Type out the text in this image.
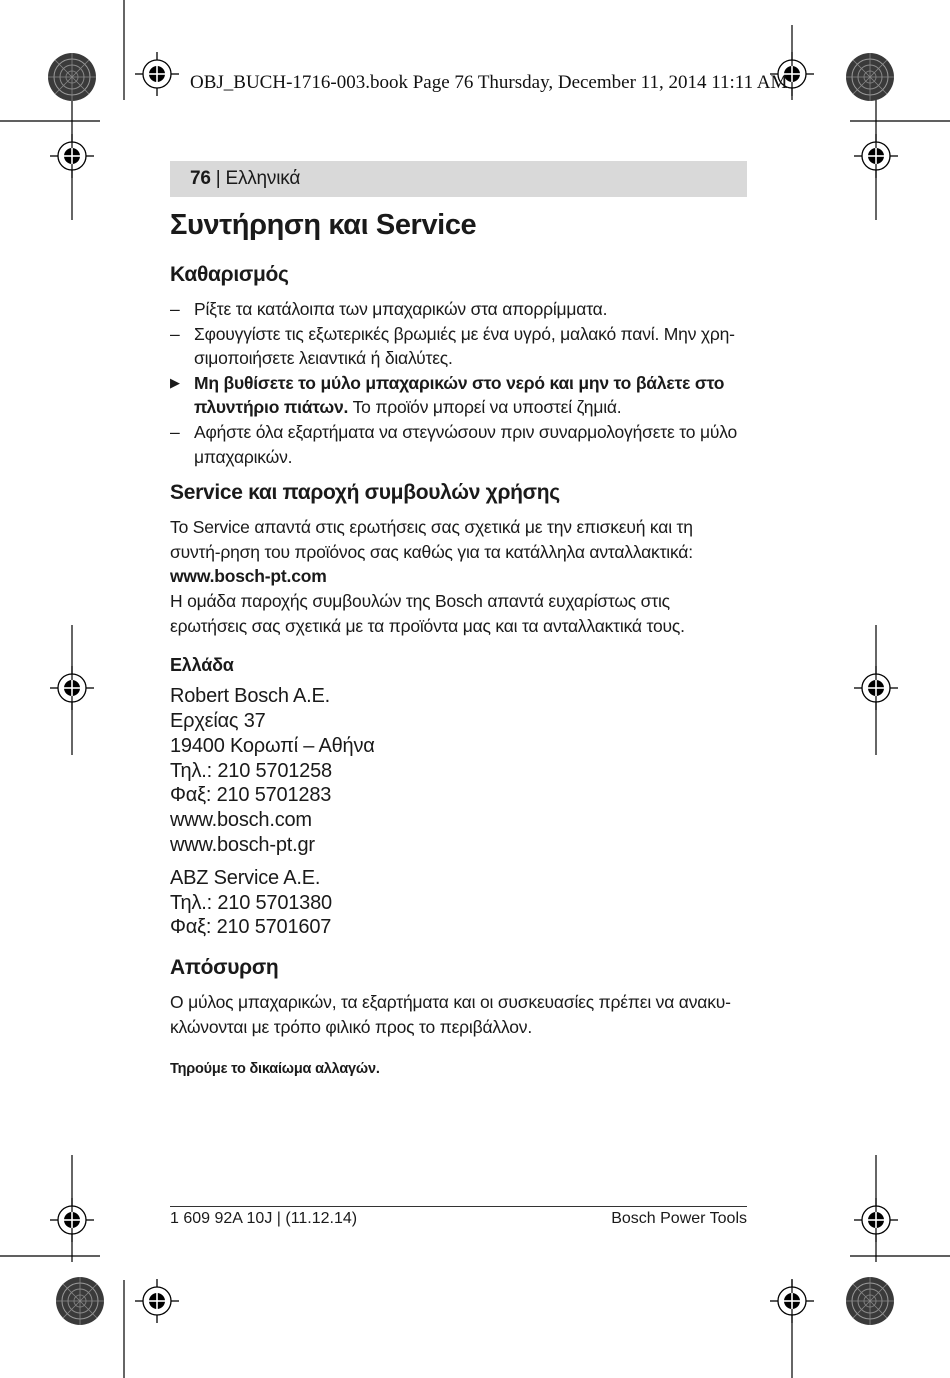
OBJ_BUCH-1716-003.book Page 76 Thursday, December 11, 2014 11:11 AM
76 | Ελληνικά
Συντήρηση και Service
Καθαρισμός
– Ρίξτε τα κατάλοιπα των μπαχαρικών στα απορρίμματα.
– Σφουγγίστε τις εξωτερικές βρωμιές με ένα υγρό, μαλακό πανί. Μην χρη-σιμοποιήσετε λειαντικά ή διαλύτες.
▶ Μη βυθίσετε το μύλο μπαχαρικών στο νερό και μην το βάλετε στο πλυντήριο πιάτων. Το προϊόν μπορεί να υποστεί ζημιά.
– Αφήστε όλα εξαρτήματα να στεγνώσουν πριν συναρμολογήσετε το μύλο μπαχαρικών.
Service και παροχή συμβουλών χρήσης

Το Service απαντά στις ερωτήσεις σας σχετικά με την επισκευή και τη συντή-ρηση του προϊόνος σας καθώς για τα κατάλληλα ανταλλακτικά:

www.bosch-pt.com

Η ομάδα παροχής συμβουλών της Bosch απαντά ευχαρίστως στις ερωτήσεις σας σχετικά με τα προϊόντα μας και τα ανταλλακτικά τους.

Ελλάδα
Robert Bosch A.E.
Ερχείας 37
19400 Κορωπί – Αθήνα
Τηλ.: 210 5701258
Φαξ: 210 5701283
www.bosch.com
www.bosch-pt.gr
ABZ Service A.E.
Τηλ.: 210 5701380
Φαξ: 210 5701607
Απόσυρση

Ο μύλος μπαχαρικών, τα εξαρτήματα και οι συσκευασίες πρέπει να ανακυ-κλώνονται με τρόπο φιλικό προς το περιβάλλον.

Τηρούμε το δικαίωμα αλλαγών.

1 609 92A 10J | (11.12.14)	Bosch Power Tools
